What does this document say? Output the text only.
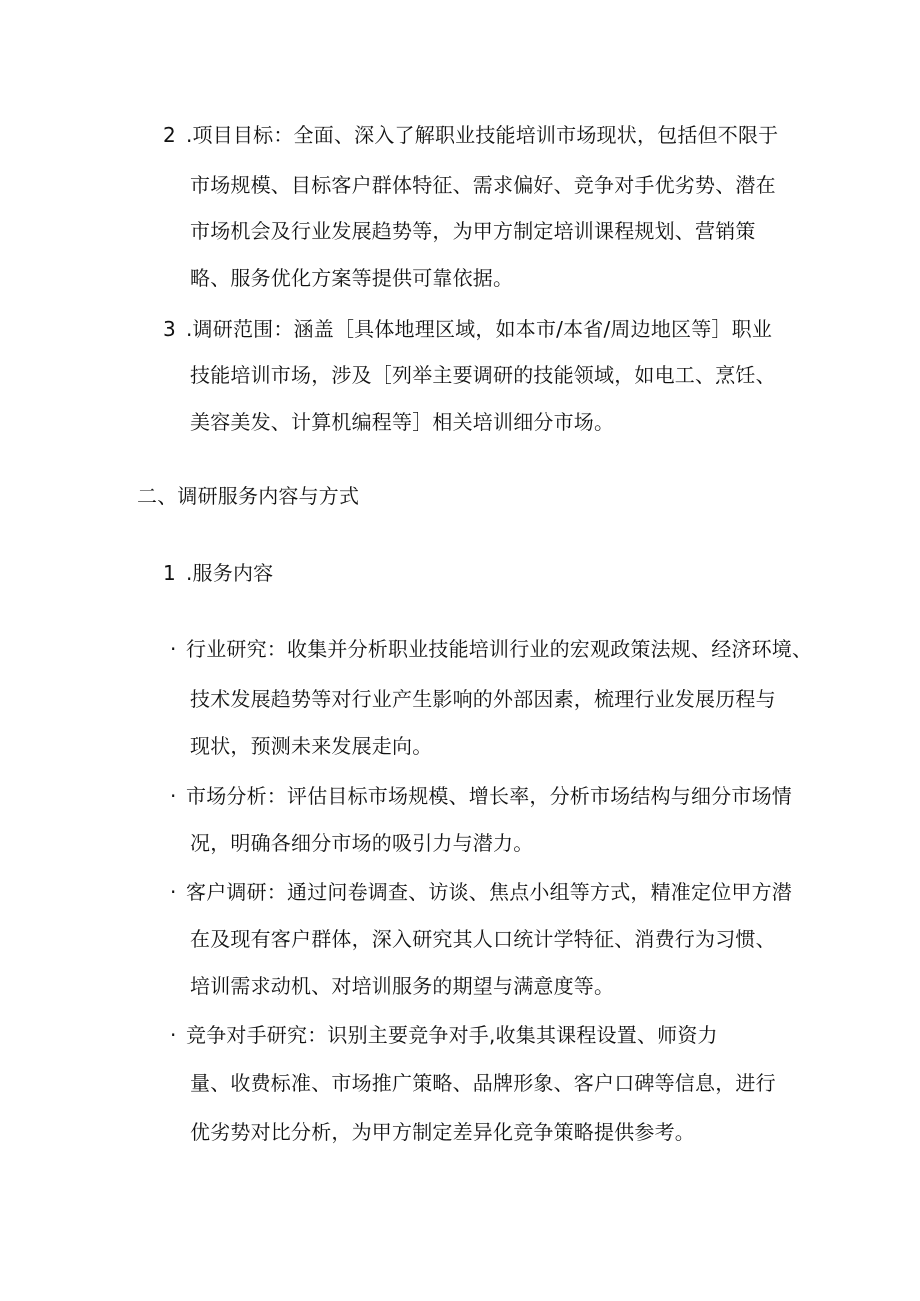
2 .项目目标：全面、深入了解职业技能培训市场现状，包括但不限于
市场规模、目标客户群体特征、需求偏好、竞争对手优劣势、潜在
市场机会及行业发展趋势等，为甲方制定培训课程规划、营销策
略、服务优化方案等提供可靠依据。
3 .调研范围：涵盖［具体地理区域，如本市/本省/周边地区等］职业
技能培训市场，涉及［列举主要调研的技能领域，如电工、烹饪、
美容美发、计算机编程等］相关培训细分市场。
二、调研服务内容与方式
1 .服务内容
· 行业研究：收集并分析职业技能培训行业的宏观政策法规、经济环境、
技术发展趋势等对行业产生影响的外部因素，梳理行业发展历程与
现状，预测未来发展走向。
· 市场分析：评估目标市场规模、增长率，分析市场结构与细分市场情
况，明确各细分市场的吸引力与潜力。
· 客户调研：通过问卷调查、访谈、焦点小组等方式，精准定位甲方潜
在及现有客户群体，深入研究其人口统计学特征、消费行为习惯、
培训需求动机、对培训服务的期望与满意度等。
· 竞争对手研究：识别主要竞争对手,收集其课程设置、师资力
量、收费标准、市场推广策略、品牌形象、客户口碑等信息，进行
优劣势对比分析，为甲方制定差异化竞争策略提供参考。
